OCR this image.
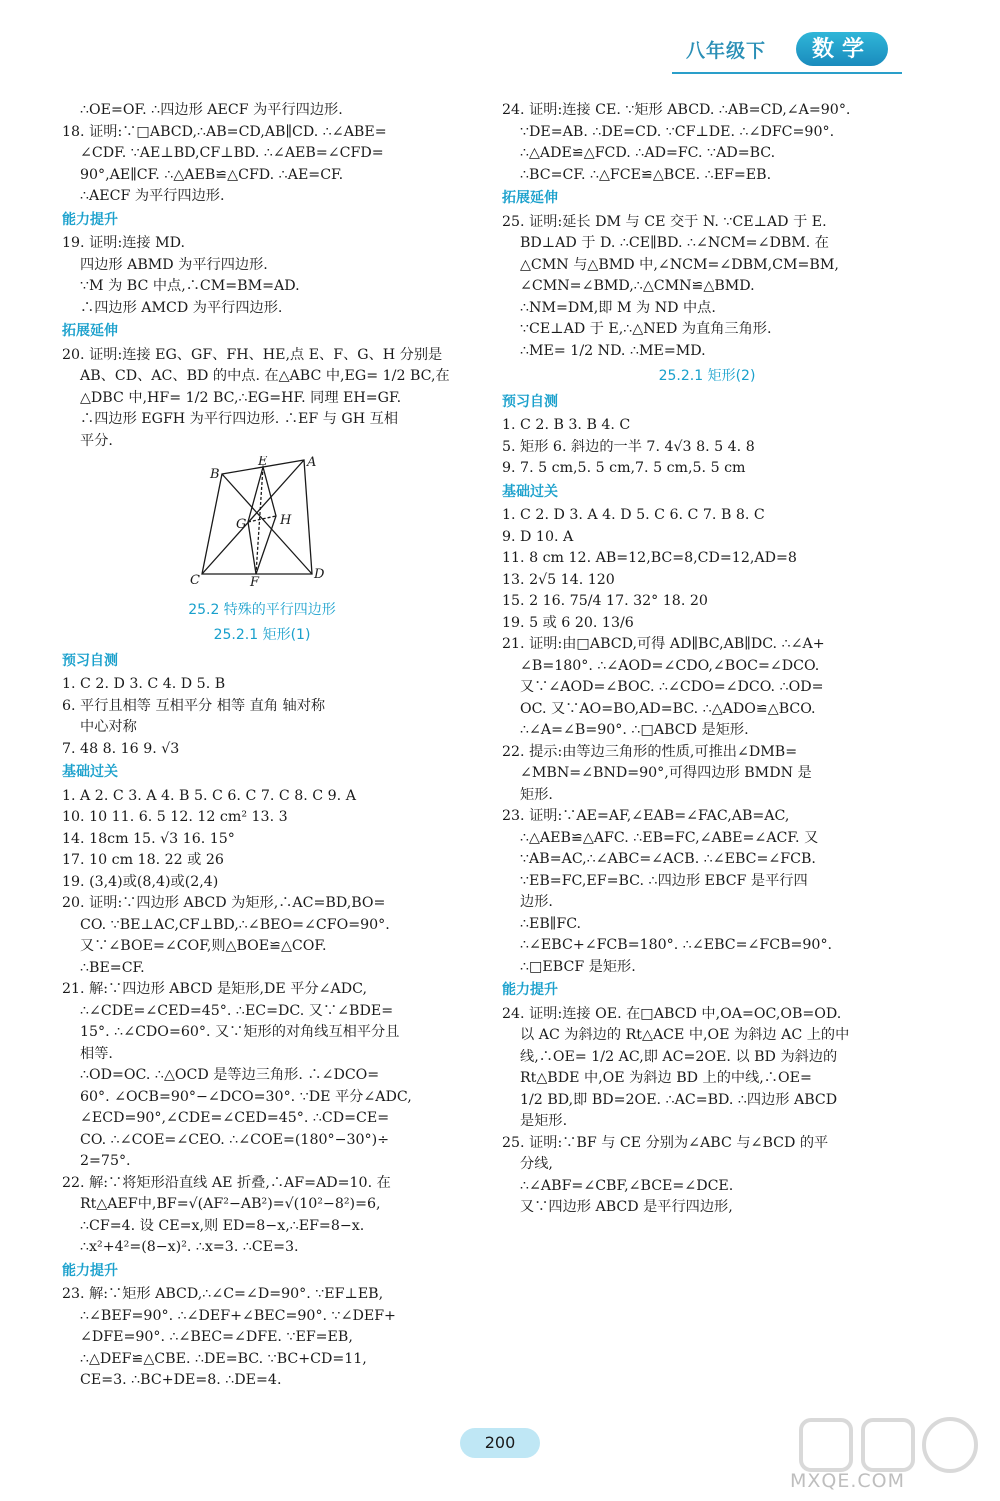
八年级下	数学

∴OE=OF. ∴四边形 AECF 为平行四边形.

18. 证明:∵□ABCD,∴AB=CD,AB∥CD. ∴∠ABE=

∠CDF. ∵AE⊥BD,CF⊥BD. ∴∠AEB=∠CFD=

90°,AE∥CF. ∴△AEB≌△CFD. ∴AE=CF.

∴AECF 为平行四边形.

能力提升

19. 证明:连接 MD.

四边形 ABMD 为平行四边形.

∵M 为 BC 中点,∴CM=BM=AD.

∴四边形 AMCD 为平行四边形.

拓展延伸

20. 证明:连接 EG、GF、FH、HE,点 E、F、G、H 分别是

AB、CD、AC、BD 的中点. 在△ABC 中,EG= 1/2 BC,在

△DBC 中,HF= 1/2 BC,∴EG=HF. 同理 EH=GF.

∴四边形 EGFH 为平行四边形. ∴EF 与 GH 互相

平分.

E	A
B
G	H
C	F
D
25.2 特殊的平行四边形
25.2.1 矩形(1)
预习自测

1. C 2. D 3. C 4. D 5. B

6. 平行且相等 互相平分 相等 直角 轴对称

中心对称

7. 48 8. 16 9. √3

基础过关

1. A 2. C 3. A 4. B 5. C 6. C 7. C 8. C 9. A

10. 10 11. 6. 5 12. 12 cm² 13. 3

14. 18cm 15. √3 16. 15°

17. 10 cm 18. 22 或 26

19. (3,4)或(8,4)或(2,4)

20. 证明:∵四边形 ABCD 为矩形,∴AC=BD,BO=

CO. ∵BE⊥AC,CF⊥BD,∴∠BEO=∠CFO=90°.

又∵∠BOE=∠COF,则△BOE≌△COF.

∴BE=CF.

21. 解:∵四边形 ABCD 是矩形,DE 平分∠ADC,

∴∠CDE=∠CED=45°. ∴EC=DC. 又∵∠BDE=

15°. ∴∠CDO=60°. 又∵矩形的对角线互相平分且

相等.

∴OD=OC. ∴△OCD 是等边三角形. ∴∠DCO=

60°. ∠OCB=90°−∠DCO=30°. ∵DE 平分∠ADC,

∠ECD=90°,∠CDE=∠CED=45°. ∴CD=CE=

CO. ∴∠COE=∠CEO. ∴∠COE=(180°−30°)÷

2=75°.

22. 解:∵将矩形沿直线 AE 折叠,∴AF=AD=10. 在

Rt△AEF中,BF=√(AF²−AB²)=√(10²−8²)=6,

∴CF=4. 设 CE=x,则 ED=8−x,∴EF=8−x.

∴x²+4²=(8−x)². ∴x=3. ∴CE=3.

能力提升

23. 解:∵矩形 ABCD,∴∠C=∠D=90°. ∵EF⊥EB,

∴∠BEF=90°. ∴∠DEF+∠BEC=90°. ∵∠DEF+

∠DFE=90°. ∴∠BEC=∠DFE. ∵EF=EB,

∴△DEF≌△CBE. ∴DE=BC. ∵BC+CD=11,

CE=3. ∴BC+DE=8. ∴DE=4.

24. 证明:连接 CE. ∵矩形 ABCD. ∴AB=CD,∠A=90°.

∵DE=AB. ∴DE=CD. ∵CF⊥DE. ∴∠DFC=90°.

∴△ADE≌△FCD. ∴AD=FC. ∵AD=BC.

∴BC=CF. ∴△FCE≌△BCE. ∴EF=EB.

拓展延伸

25. 证明:延长 DM 与 CE 交于 N. ∵CE⊥AD 于 E.

BD⊥AD 于 D. ∴CE∥BD. ∴∠NCM=∠DBM. 在

△CMN 与△BMD 中,∠NCM=∠DBM,CM=BM,

∠CMN=∠BMD,∴△CMN≌△BMD.

∴NM=DM,即 M 为 ND 中点.

∵CE⊥AD 于 E,∴△NED 为直角三角形.

∴ME= 1/2 ND. ∴ME=MD.

25.2.1 矩形(2)
预习自测

1. C 2. B 3. B 4. C

5. 矩形 6. 斜边的一半 7. 4√3 8. 5 4. 8

9. 7. 5 cm,5. 5 cm,7. 5 cm,5. 5 cm

基础过关

1. C 2. D 3. A 4. D 5. C 6. C 7. B 8. C

9. D 10. A

11. 8 cm 12. AB=12,BC=8,CD=12,AD=8

13. 2√5 14. 120

15. 2 16. 75/4 17. 32° 18. 20

19. 5 或 6 20. 13/6

21. 证明:由□ABCD,可得 AD∥BC,AB∥DC. ∴∠A+

∠B=180°. ∴∠AOD=∠CDO,∠BOC=∠DCO.

又∵∠AOD=∠BOC. ∴∠CDO=∠DCO. ∴OD=

OC. 又∵AO=BO,AD=BC. ∴△ADO≌△BCO.

∴∠A=∠B=90°. ∴□ABCD 是矩形.

22. 提示:由等边三角形的性质,可推出∠DMB=

∠MBN=∠BND=90°,可得四边形 BMDN 是

矩形.

23. 证明:∵AE=AF,∠EAB=∠FAC,AB=AC,

∴△AEB≌△AFC. ∴EB=FC,∠ABE=∠ACF. 又

∵AB=AC,∴∠ABC=∠ACB. ∴∠EBC=∠FCB.

∵EB=FC,EF=BC. ∴四边形 EBCF 是平行四

边形.

∴EB∥FC.

∴∠EBC+∠FCB=180°. ∴∠EBC=∠FCB=90°.

∴□EBCF 是矩形.

能力提升

24. 证明:连接 OE. 在□ABCD 中,OA=OC,OB=OD.

以 AC 为斜边的 Rt△ACE 中,OE 为斜边 AC 上的中

线,∴OE= 1/2 AC,即 AC=2OE. 以 BD 为斜边的

Rt△BDE 中,OE 为斜边 BD 上的中线,∴OE=

1/2 BD,即 BD=2OE. ∴AC=BD. ∴四边形 ABCD

是矩形.

25. 证明:∵BF 与 CE 分别为∠ABC 与∠BCD 的平

分线,

∴∠ABF=∠CBF,∠BCE=∠DCE.

又∵四边形 ABCD 是平行四边形,

200
MXQE.COM
